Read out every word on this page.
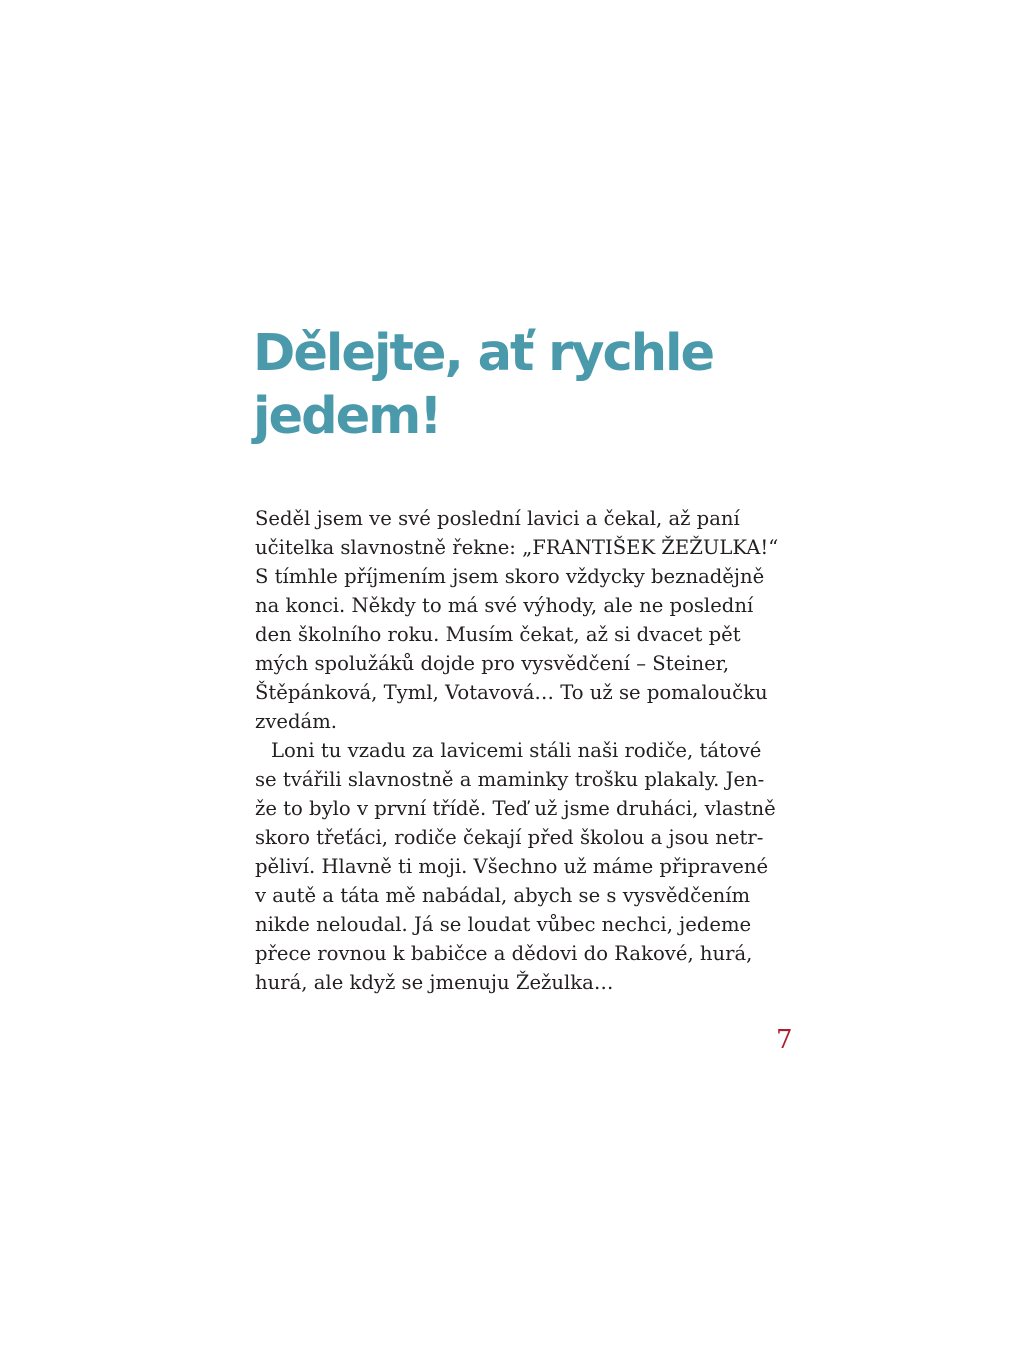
Dělejte, ať rychle
jedem!
Seděl jsem ve své poslední lavici a čekal, až paní
učitelka slavnostně řekne: „FRANTIŠEK ŽEŽULKA!“
S tímhle příjmením jsem skoro vždycky beznadějně
na konci. Někdy to má své výhody, ale ne poslední
den školního roku. Musím čekat, až si dvacet pět
mých spolužáků dojde pro vysvědčení – Steiner,
Štěpánková, Tyml, Votavová… To už se pomaloučku
zvedám.
Loni tu vzadu za lavicemi stáli naši rodiče, tátové
se tvářili slavnostně a maminky trošku plakaly. Jen-
že to bylo v první třídě. Teď už jsme druháci, vlastně
skoro třeťáci, rodiče čekají před školou a jsou netr-
pěliví. Hlavně ti moji. Všechno už máme připravené
v autě a táta mě nabádal, abych se s vysvědčením
nikde neloudal. Já se loudat vůbec nechci, jedeme
přece rovnou k babičce a dědovi do Rakové, hurá,
hurá, ale když se jmenuju Žežulka…
7
